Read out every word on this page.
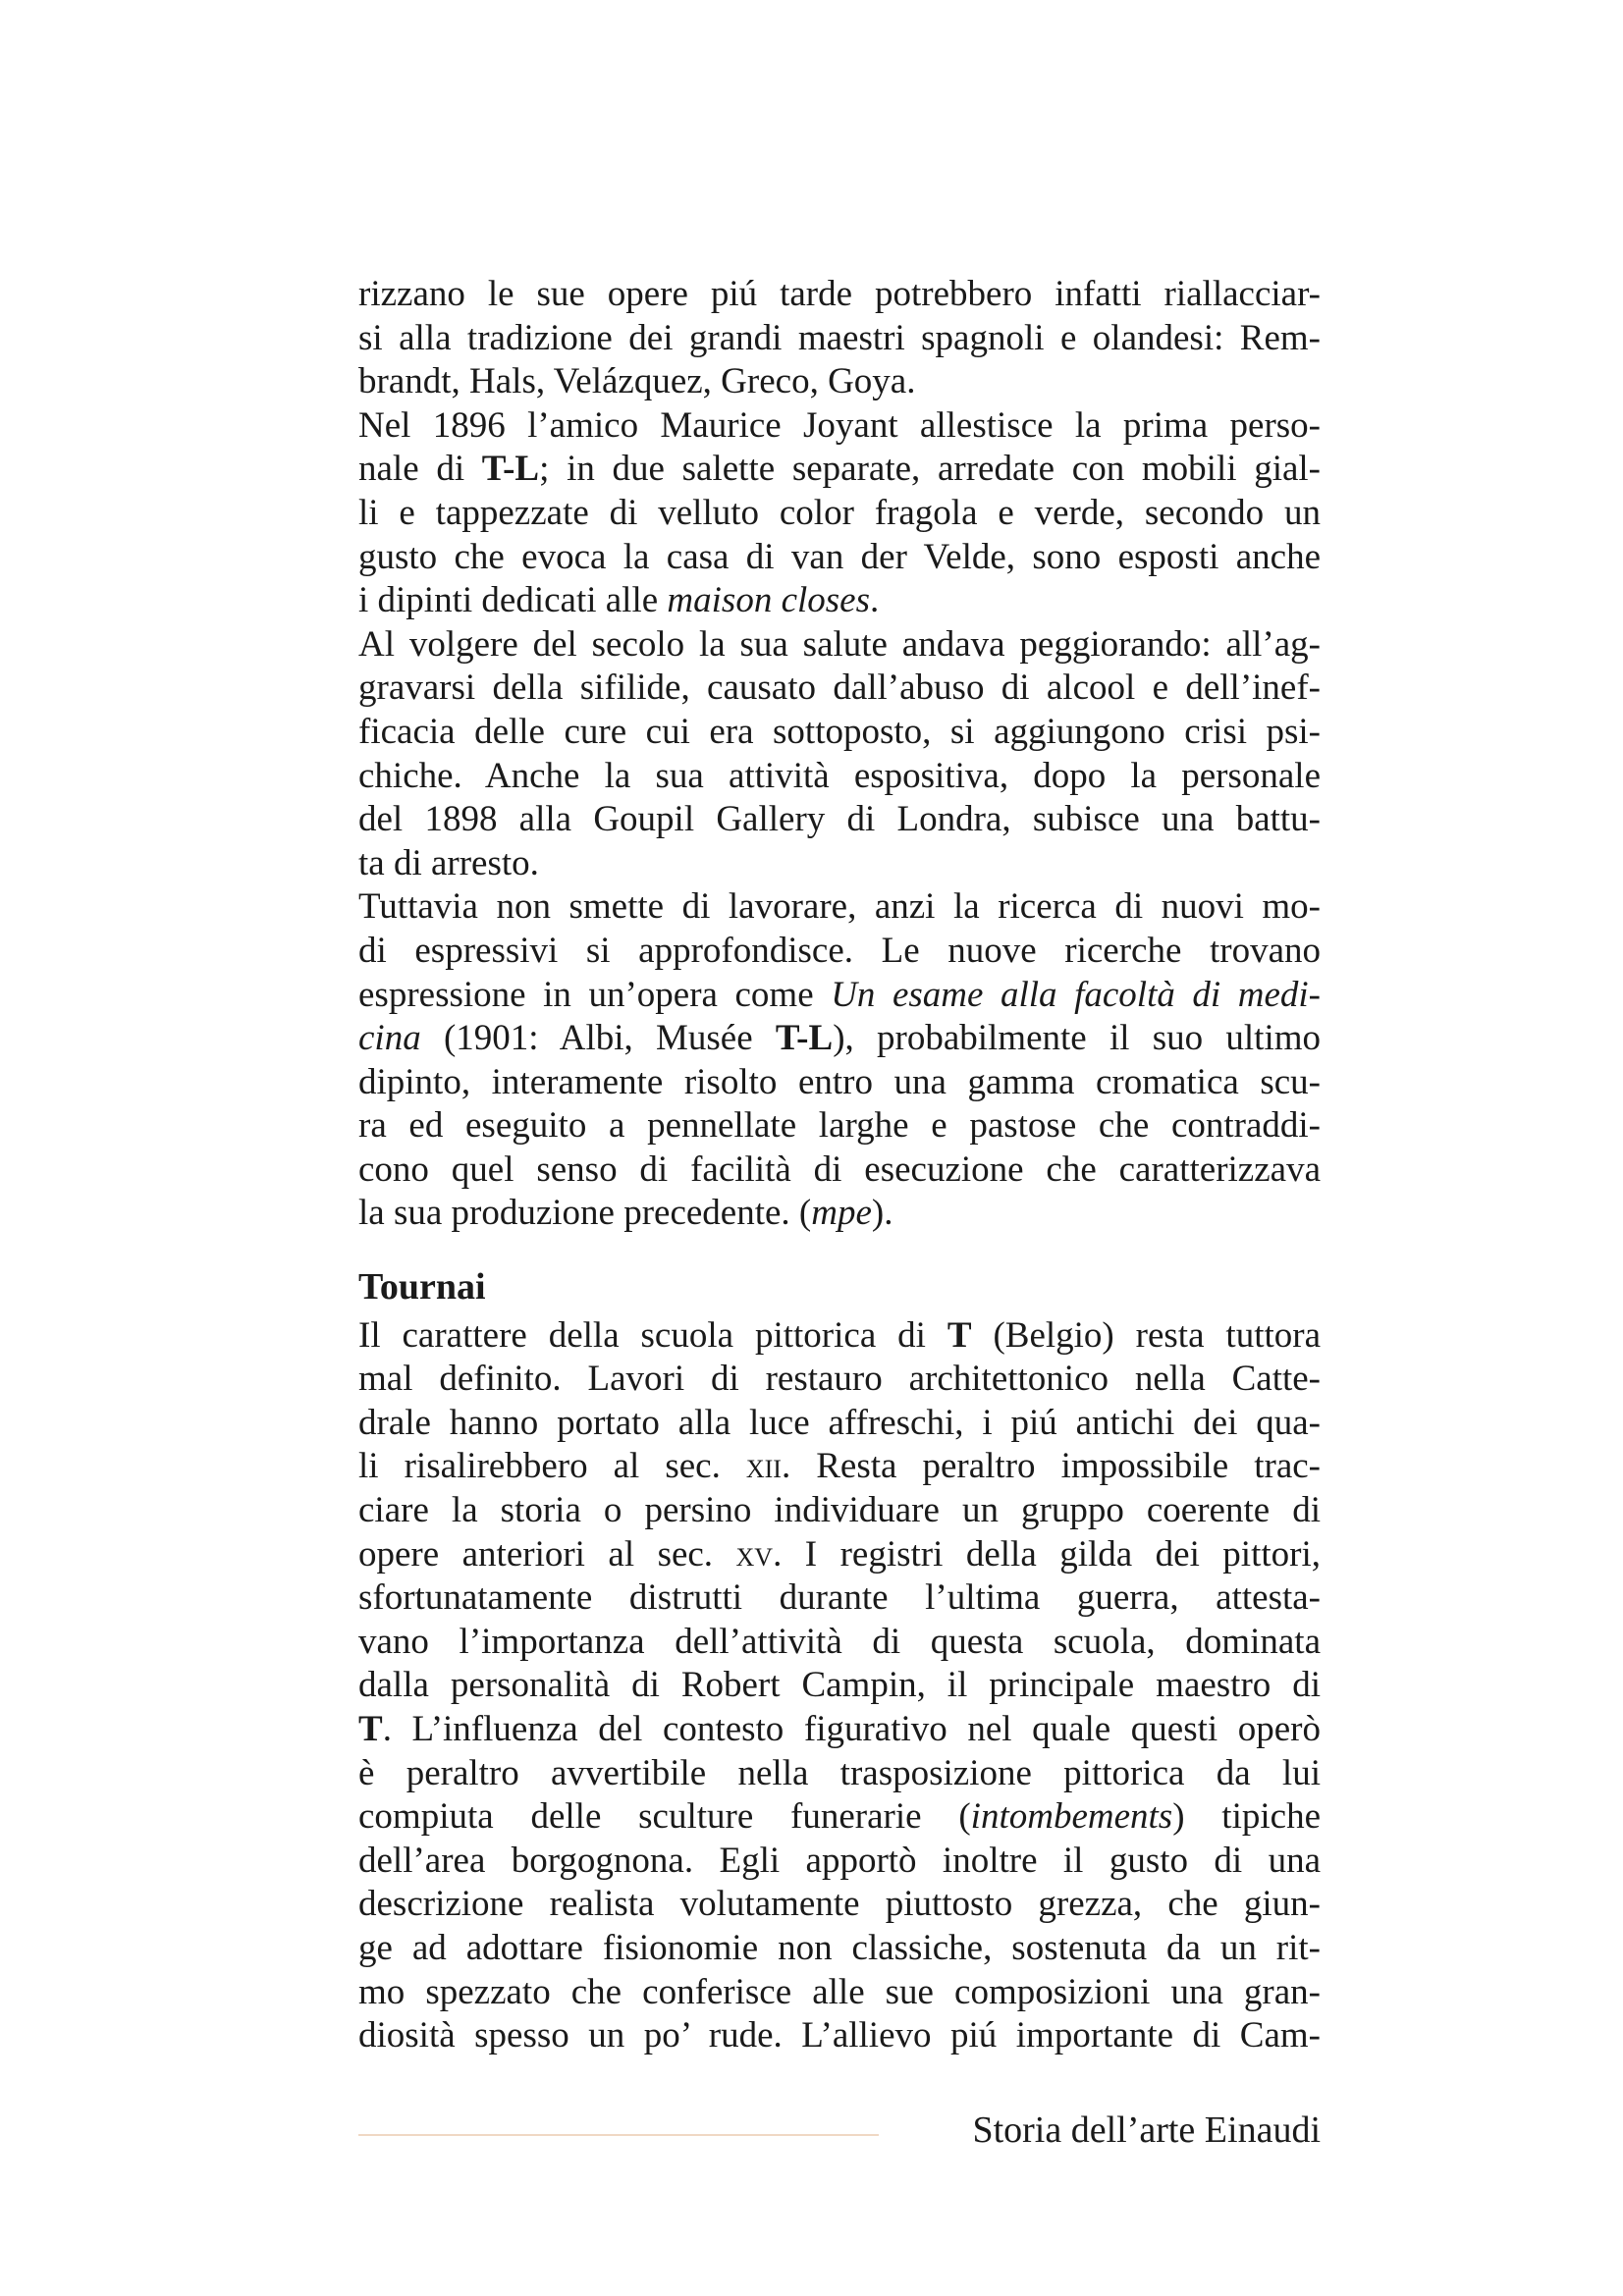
rizzano le sue opere piú tarde potrebbero infatti riallacciar-
si alla tradizione dei grandi maestri spagnoli e olandesi: Rem-
brandt, Hals, Velázquez, Greco, Goya.
Nel 1896 l’amico Maurice Joyant allestisce la prima perso-
nale di T-L; in due salette separate, arredate con mobili gial-
li e tappezzate di velluto color fragola e verde, secondo un
gusto che evoca la casa di van der Velde, sono esposti anche
i dipinti dedicati alle maison closes.
Al volgere del secolo la sua salute andava peggiorando: all’ag-
gravarsi della sifilide, causato dall’abuso di alcool e dell’inef-
ficacia delle cure cui era sottoposto, si aggiungono crisi psi-
chiche. Anche la sua attività espositiva, dopo la personale
del 1898 alla Goupil Gallery di Londra, subisce una battu-
ta di arresto.
Tuttavia non smette di lavorare, anzi la ricerca di nuovi mo-
di espressivi si approfondisce. Le nuove ricerche trovano
espressione in un’opera come Un esame alla facoltà di medi-
cina (1901: Albi, Musée T-L), probabilmente il suo ultimo
dipinto, interamente risolto entro una gamma cromatica scu-
ra ed eseguito a pennellate larghe e pastose che contraddi-
cono quel senso di facilità di esecuzione che caratterizzava
la sua produzione precedente. (mpe).
Tournai
Il carattere della scuola pittorica di T (Belgio) resta tuttora
mal definito. Lavori di restauro architettonico nella Catte-
drale hanno portato alla luce affreschi, i piú antichi dei qua-
li risalirebbero al sec. xii. Resta peraltro impossibile trac-
ciare la storia o persino individuare un gruppo coerente di
opere anteriori al sec. xv. I registri della gilda dei pittori,
sfortunatamente distrutti durante l’ultima guerra, attesta-
vano l’importanza dell’attività di questa scuola, dominata
dalla personalità di Robert Campin, il principale maestro di
T. L’influenza del contesto figurativo nel quale questi operò
è peraltro avvertibile nella trasposizione pittorica da lui
compiuta delle sculture funerarie (intombements) tipiche
dell’area borgognona. Egli apportò inoltre il gusto di una
descrizione realista volutamente piuttosto grezza, che giun-
ge ad adottare fisionomie non classiche, sostenuta da un rit-
mo spezzato che conferisce alle sue composizioni una gran-
diosità spesso un po’ rude. L’allievo piú importante di Cam-
Storia dell’arte Einaudi
